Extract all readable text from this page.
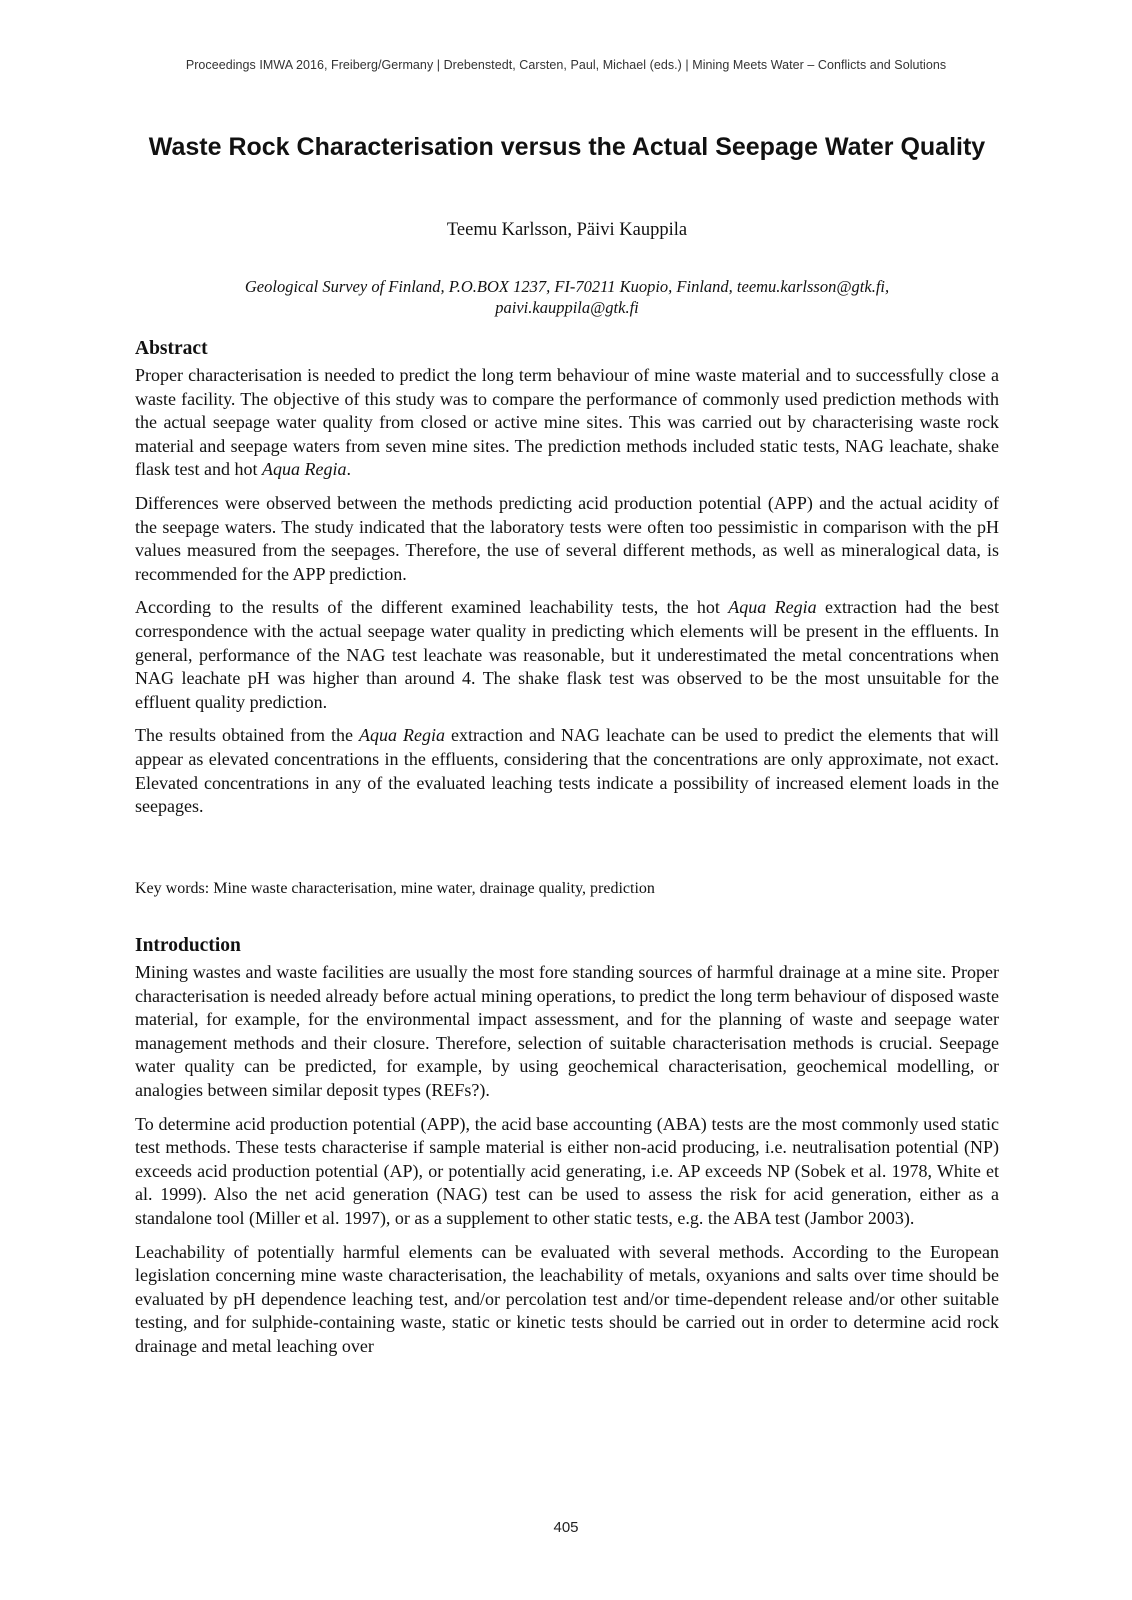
Proceedings IMWA 2016, Freiberg/Germany | Drebenstedt, Carsten, Paul, Michael (eds.) | Mining Meets Water – Conflicts and Solutions
Waste Rock Characterisation versus the Actual Seepage Water Quality

Teemu Karlsson, Päivi Kauppila

Geological Survey of Finland, P.O.BOX 1237, FI-70211 Kuopio, Finland, teemu.karlsson@gtk.fi,
paivi.kauppila@gtk.fi
Abstract

Proper characterisation is needed to predict the long term behaviour of mine waste material and to successfully close a waste facility. The objective of this study was to compare the performance of commonly used prediction methods with the actual seepage water quality from closed or active mine sites. This was carried out by characterising waste rock material and seepage waters from seven mine sites. The prediction methods included static tests, NAG leachate, shake flask test and hot Aqua Regia.

Differences were observed between the methods predicting acid production potential (APP) and the actual acidity of the seepage waters. The study indicated that the laboratory tests were often too pessimistic in comparison with the pH values measured from the seepages. Therefore, the use of several different methods, as well as mineralogical data, is recommended for the APP prediction.

According to the results of the different examined leachability tests, the hot Aqua Regia extraction had the best correspondence with the actual seepage water quality in predicting which elements will be present in the effluents. In general, performance of the NAG test leachate was reasonable, but it underestimated the metal concentrations when NAG leachate pH was higher than around 4. The shake flask test was observed to be the most unsuitable for the effluent quality prediction.

The results obtained from the Aqua Regia extraction and NAG leachate can be used to predict the elements that will appear as elevated concentrations in the effluents, considering that the concentrations are only approximate, not exact. Elevated concentrations in any of the evaluated leaching tests indicate a possibility of increased element loads in the seepages.

Key words: Mine waste characterisation, mine water, drainage quality, prediction

Introduction

Mining wastes and waste facilities are usually the most fore standing sources of harmful drainage at a mine site. Proper characterisation is needed already before actual mining operations, to predict the long term behaviour of disposed waste material, for example, for the environmental impact assessment, and for the planning of waste and seepage water management methods and their closure. Therefore, selection of suitable characterisation methods is crucial. Seepage water quality can be predicted, for example, by using geochemical characterisation, geochemical modelling, or analogies between similar deposit types (REFs?).

To determine acid production potential (APP), the acid base accounting (ABA) tests are the most commonly used static test methods. These tests characterise if sample material is either non-acid producing, i.e. neutralisation potential (NP) exceeds acid production potential (AP), or potentially acid generating, i.e. AP exceeds NP (Sobek et al. 1978, White et al. 1999). Also the net acid generation (NAG) test can be used to assess the risk for acid generation, either as a standalone tool (Miller et al. 1997), or as a supplement to other static tests, e.g. the ABA test (Jambor 2003).

Leachability of potentially harmful elements can be evaluated with several methods. According to the European legislation concerning mine waste characterisation, the leachability of metals, oxyanions and salts over time should be evaluated by pH dependence leaching test, and/or percolation test and/or time-dependent release and/or other suitable testing, and for sulphide-containing waste, static or kinetic tests should be carried out in order to determine acid rock drainage and metal leaching over

405
